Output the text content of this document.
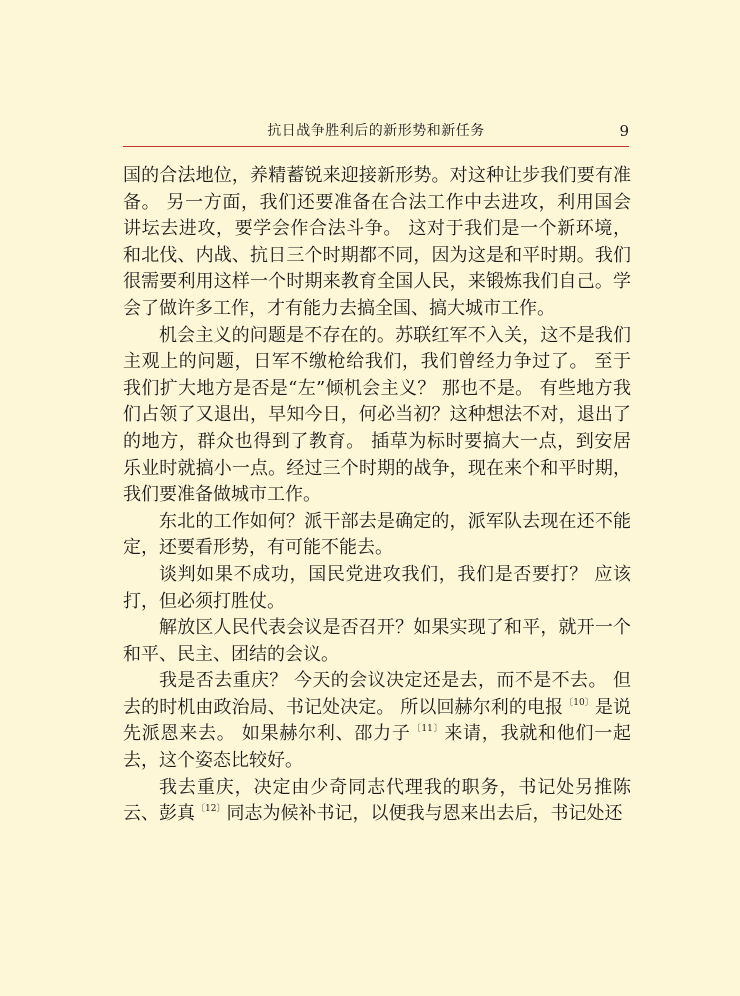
抗日战争胜利后的新形势和新任务	9

国的合法地位，养精蓄锐来迎接新形势。对这种让步我们要有准备。 另一方面，我们还要准备在合法工作中去进攻，利用国会讲坛去进攻，要学会作合法斗争。 这对于我们是一个新环境，和北伐、内战、抗日三个时期都不同，因为这是和平时期。我们很需要利用这样一个时期来教育全国人民，来锻炼我们自己。学会了做许多工作，才有能力去搞全国、搞大城市工作。

机会主义的问题是不存在的。苏联红军不入关，这不是我们主观上的问题，日军不缴枪给我们，我们曾经力争过了。 至于我们扩大地方是否是“左”倾机会主义？ 那也不是。 有些地方我们占领了又退出，早知今日，何必当初？这种想法不对，退出了的地方，群众也得到了教育。 插草为标时要搞大一点，到安居乐业时就搞小一点。经过三个时期的战争，现在来个和平时期，我们要准备做城市工作。

东北的工作如何？派干部去是确定的，派军队去现在还不能定，还要看形势，有可能不能去。

谈判如果不成功，国民党进攻我们，我们是否要打？ 应该打，但必须打胜仗。

解放区人民代表会议是否召开？如果实现了和平，就开一个和平、民主、团结的会议。

我是否去重庆？ 今天的会议决定还是去，而不是不去。 但去的时机由政治局、书记处决定。 所以回赫尔利的电报$^{〔10〕}$是说先派恩来去。 如果赫尔利、邵力子$^{〔11〕}$来请，我就和他们一起去，这个姿态比较好。

我去重庆，决定由少奇同志代理我的职务，书记处另推陈云、彭真$^{〔12〕}$同志为候补书记，以便我与恩来出去后，书记处还
